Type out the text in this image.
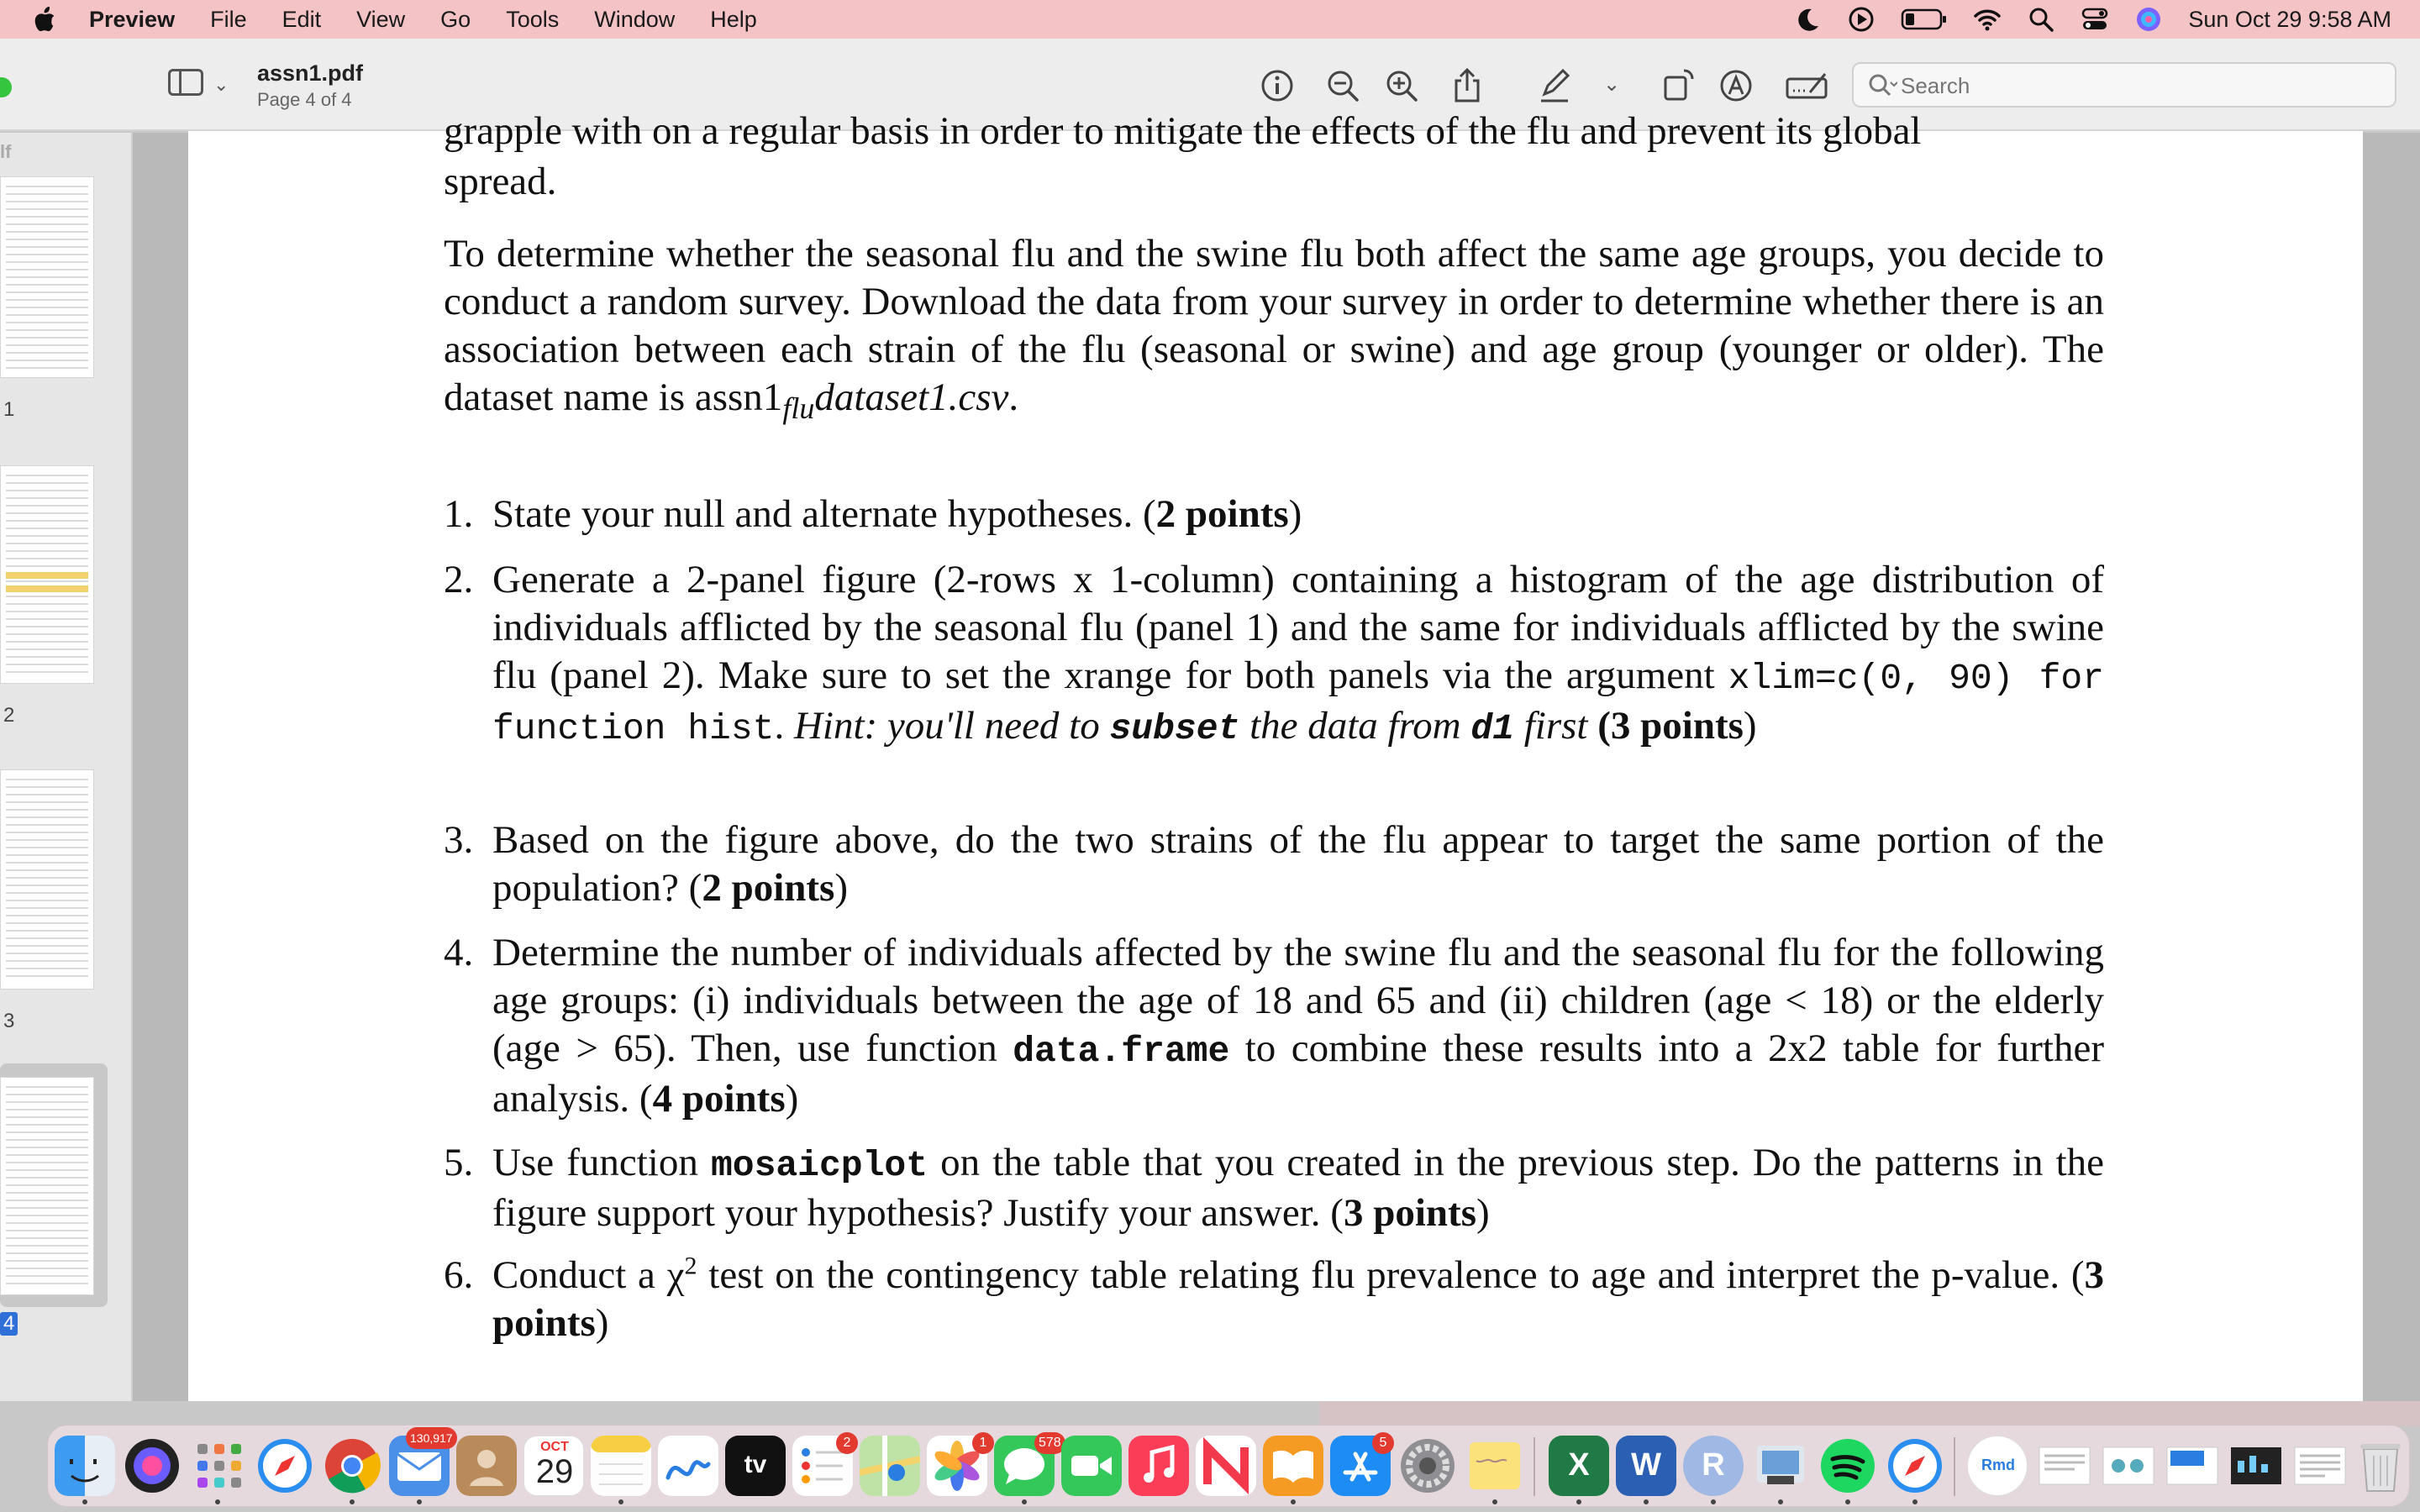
Preview File Edit View Go Tools Window Help	Sun Oct 29 9:58 AM
⌄ assn1.pdf
Page 4 of 4
⌄
Search
lf
1
2
3
4
grapple with on a regular basis in order to mitigate the effects of the flu and prevent its global
spread.
To determine whether the seasonal flu and the swine flu both affect the same age groups, you decide to conduct a random survey. Download the data from your survey in order to determine whether there is an association between each strain of the flu (seasonal or swine) and age group (younger or older). The dataset name is $assn1_{flu}dataset1.csv$.
1. State your null and alternate hypotheses. (2 points)
2. Generate a 2-panel figure (2-rows x 1-column) containing a histogram of the age distribution of individuals afflicted by the seasonal flu (panel 1) and the same for individuals afflicted by the swine flu (panel 2). Make sure to set the xrange for both panels via the argument xlim=c(0, 90) for function hist. Hint: you'll need to subset the data from d1 first (3 points)
3. Based on the figure above, do the two strains of the flu appear to target the same portion of the population? (2 points)
4. Determine the number of individuals affected by the swine flu and the seasonal flu for the following age groups: (i) individuals between the age of 18 and 65 and (ii) children (age < 18) or the elderly (age > 65). Then, use function data.frame to combine these results into a 2x2 table for further analysis. (4 points)
5. Use function mosaicplot on the table that you created in the previous step. Do the patterns in the figure support your hypothesis? Justify your answer. (3 points)
6. Conduct a $\chi^2$ test on the contingency table relating flu prevalence to age and interpret the p-value. (3 points)
130,917
OCT
29	tv
2	1	578	5
X	W	R	Rmd
